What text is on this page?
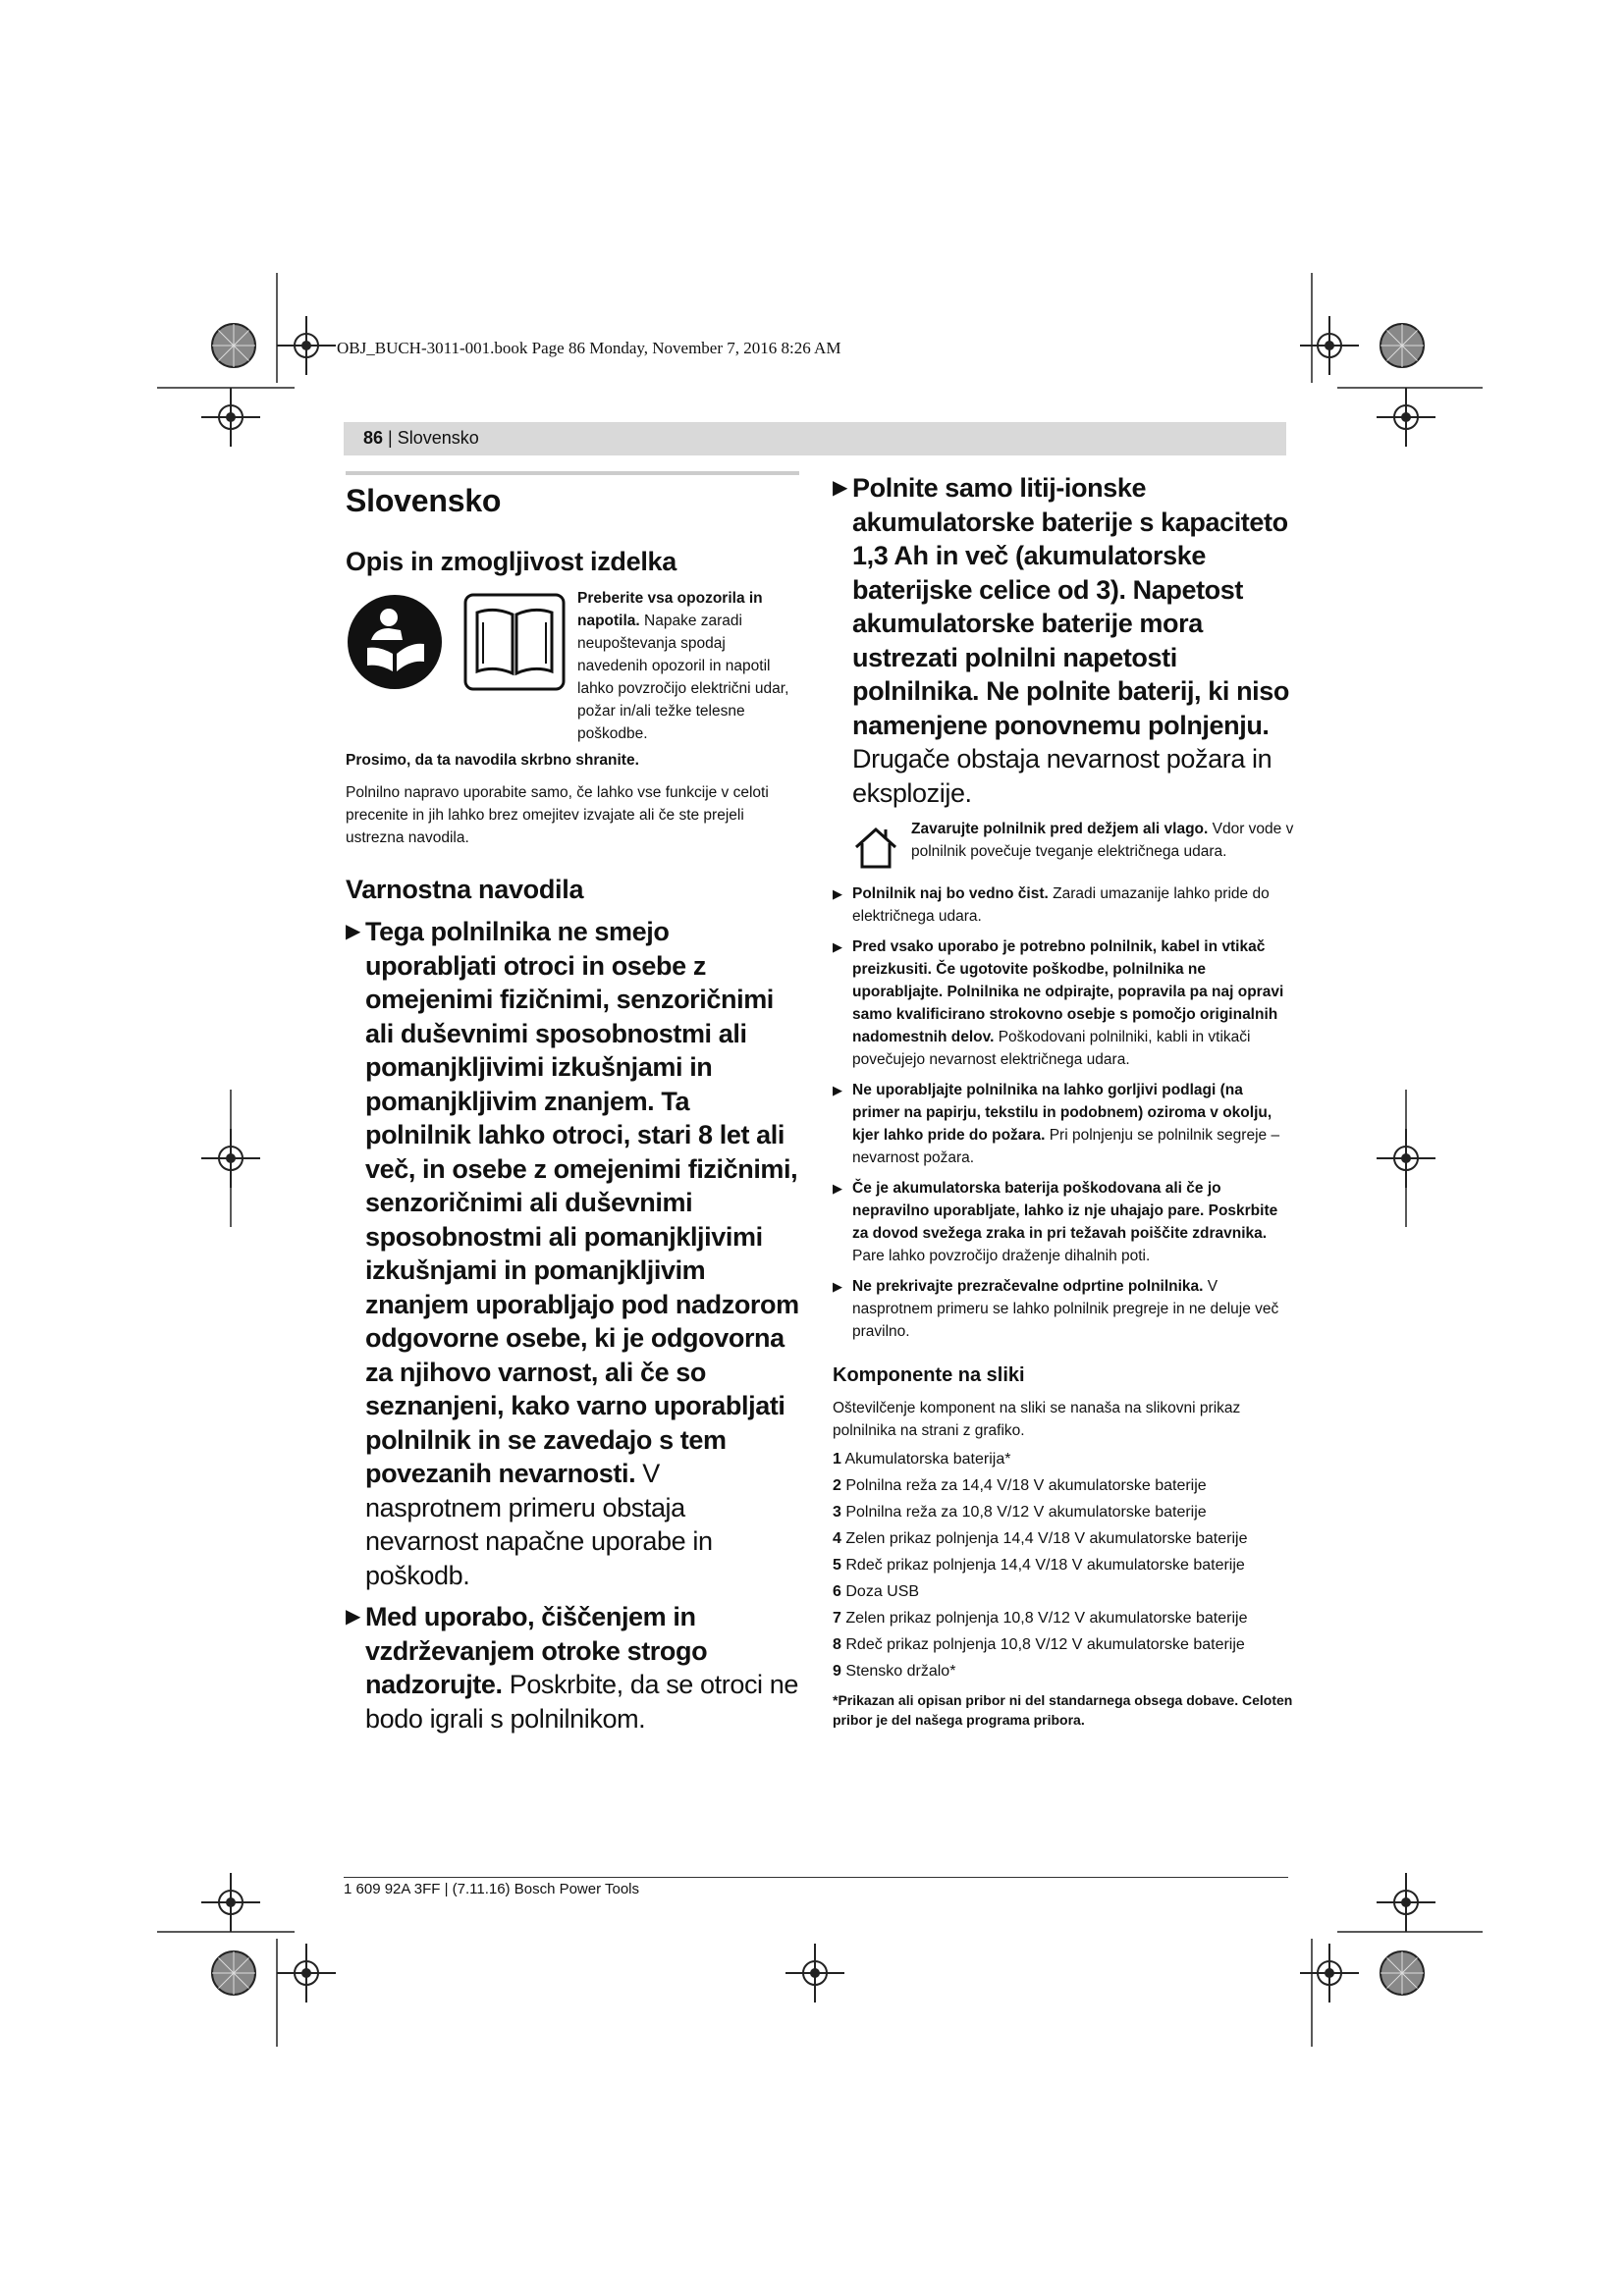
OBJ_BUCH-3011-001.book Page 86 Monday, November 7, 2016 8:26 AM
86 | Slovensko
Slovensko
Opis in zmogljivost izdelka

Preberite vsa opozorila in napotila. Napake zaradi neupoštevanja spodaj navedenih opozoril in napotil lahko povzročijo električni udar, požar in/ali težke telesne poškodbe.

Prosimo, da ta navodila skrbno shranite.

Polnilno napravo uporabite samo, če lahko vse funkcije v celoti precenite in jih lahko brez omejitev izvajate ali če ste prejeli ustrezna navodila.

Varnostna navodila
▶ Tega polnilnika ne smejo uporabljati otroci in osebe z omejenimi fizičnimi, senzoričnimi ali duševnimi sposobnostmi ali pomanjkljivimi izkušnjami in pomanjkljivim znanjem. Ta polnilnik lahko otroci, stari 8 let ali več, in osebe z omejenimi fizičnimi, senzoričnimi ali duševnimi sposobnostmi ali pomanjkljivimi izkušnjami in pomanjkljivim znanjem uporabljajo pod nadzorom odgovorne osebe, ki je odgovorna za njihovo varnost, ali če so seznanjeni, kako varno uporabljati polnilnik in se zavedajo s tem povezanih nevarnosti. V nasprotnem primeru obstaja nevarnost napačne uporabe in poškodb.
▶ Med uporabo, čiščenjem in vzdrževanjem otroke strogo nadzorujte. Poskrbite, da se otroci ne bodo igrali s polnilnikom.
▶ Polnite samo litij-ionske akumulatorske baterije s kapaciteto 1,3 Ah in več (akumulatorske baterijske celice od 3). Napetost akumulatorske baterije mora ustrezati polnilni napetosti polnilnika. Ne polnite baterij, ki niso namenjene ponovnemu polnjenju. Drugače obstaja nevarnost požara in eksplozije.
Zavarujte polnilnik pred dežjem ali vlago. Vdor vode v polnilnik povečuje tveganje električnega udara.
▶ Polnilnik naj bo vedno čist. Zaradi umazanije lahko pride do električnega udara.
▶ Pred vsako uporabo je potrebno polnilnik, kabel in vtikač preizkusiti. Če ugotovite poškodbe, polnilnika ne uporabljajte. Polnilnika ne odpirajte, popravila pa naj opravi samo kvalificirano strokovno osebje s pomočjo originalnih nadomestnih delov. Poškodovani polnilniki, kabli in vtikači povečujejo nevarnost električnega udara.
▶ Ne uporabljajte polnilnika na lahko gorljivi podlagi (na primer na papirju, tekstilu in podobnem) oziroma v okolju, kjer lahko pride do požara. Pri polnjenju se polnilnik segreje – nevarnost požara.
▶ Če je akumulatorska baterija poškodovana ali če jo nepravilno uporabljate, lahko iz nje uhajajo pare. Poskrbite za dovod svežega zraka in pri težavah poiščite zdravnika. Pare lahko povzročijo draženje dihalnih poti.
▶ Ne prekrivajte prezračevalne odprtine polnilnika. V nasprotnem primeru se lahko polnilnik pregreje in ne deluje več pravilno.
Komponente na sliki

Oštevilčenje komponent na sliki se nanaša na slikovni prikaz polnilnika na strani z grafiko.

1 Akumulatorska baterija*
2 Polnilna reža za 14,4 V/18 V akumulatorske baterije
3 Polnilna reža za 10,8 V/12 V akumulatorske baterije
4 Zelen prikaz polnjenja 14,4 V/18 V akumulatorske baterije
5 Rdeč prikaz polnjenja 14,4 V/18 V akumulatorske baterije
6 Doza USB
7 Zelen prikaz polnjenja 10,8 V/12 V akumulatorske baterije
8 Rdeč prikaz polnjenja 10,8 V/12 V akumulatorske baterije
9 Stensko držalo*
*Prikazan ali opisan pribor ni del standarnega obsega dobave. Celoten pribor je del našega programa pribora.
1 609 92A 3FF | (7.11.16) Bosch Power Tools
